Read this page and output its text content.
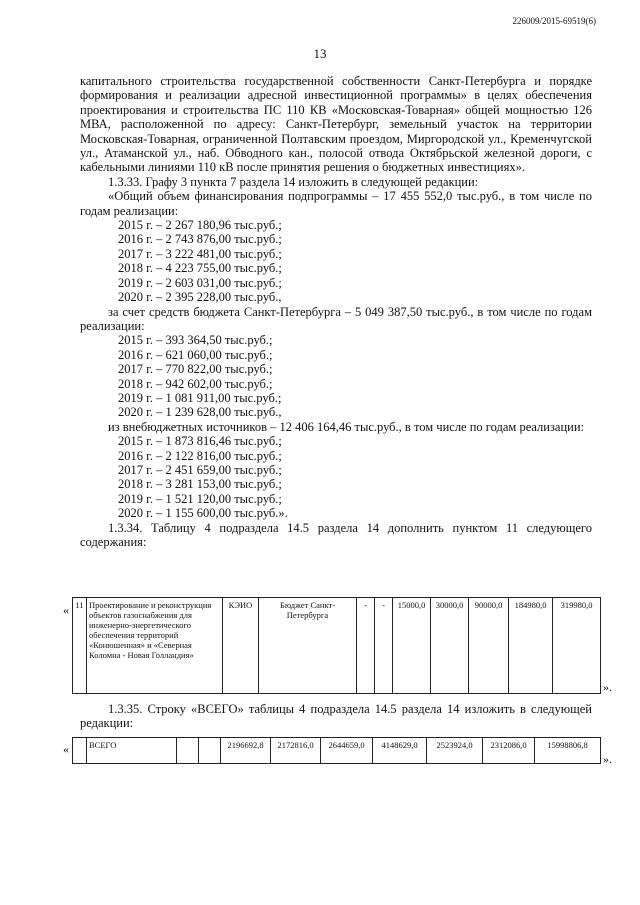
226009/2015-69519(6)
13

капитального строительства государственной собственности Санкт-Петербурга и порядке формирования и реализации адресной инвестиционной программы» в целях обеспечения проектирования и строительства ПС 110 КВ «Московская-Товарная» общей мощностью 126 МВА, расположенной по адресу: Санкт-Петербург, земельный участок на территории Московская-Товарная, ограниченной Полтавским проездом, Миргородской ул., Кременчугской ул., Атаманской ул., наб. Обводного кан., полосой отвода Октябрьской железной дороги, с кабельными линиями 110 кВ после принятия решения о бюджетных инвестициях».

1.3.33. Графу 3 пункта 7 раздела 14 изложить в следующей редакции:

«Общий объем финансирования подпрограммы – 17 455 552,0 тыс.руб., в том числе по годам реализации:

2015 г. – 2 267 180,96 тыс.руб.;

2016 г. – 2 743 876,00 тыс.руб.;

2017 г. – 3 222 481,00 тыс.руб.;

2018 г. – 4 223 755,00 тыс.руб.;

2019 г. – 2 603 031,00 тыс.руб.;

2020 г. – 2 395 228,00 тыс.руб.,

за счет средств бюджета Санкт-Петербурга – 5 049 387,50 тыс.руб., в том числе по годам реализации:

2015 г. – 393 364,50 тыс.руб.;

2016 г. – 621 060,00 тыс.руб.;

2017 г. – 770 822,00 тыс.руб.;

2018 г. – 942 602,00 тыс.руб.;

2019 г. – 1 081 911,00 тыс.руб.;

2020 г. – 1 239 628,00 тыс.руб.,

из внебюджетных источников – 12 406 164,46 тыс.руб., в том числе по годам реализации:

2015 г. – 1 873 816,46 тыс.руб.;

2016 г. – 2 122 816,00 тыс.руб.;

2017 г. – 2 451 659,00 тыс.руб.;

2018 г. – 3 281 153,00 тыс.руб.;

2019 г. – 1 521 120,00 тыс.руб.;

2020 г. – 1 155 600,00 тыс.руб.».

1.3.34. Таблицу 4 подраздела 14.5 раздела 14 дополнить пунктом 11 следующего содержания:

« 11	Проектирование и реконструкция объектов газоснабжения для инженерно-энергетического обеспечения территорий «Конюшенная» и «Северная Коломна - Новая Голландия»	КЭИО	Бюджет Санкт-Петербурга	-	-	15000,0	30000,0	90000,0	184980,0	319980,0
».

1.3.35. Строку «ВСЕГО» таблицы 4 подраздела 14.5 раздела 14 изложить в следующей редакции:

«
	ВСЕГО			2196692,8	2172816,0	2644659,0	4148629,0	2523924,0	2312086,0	15998806,8
».
